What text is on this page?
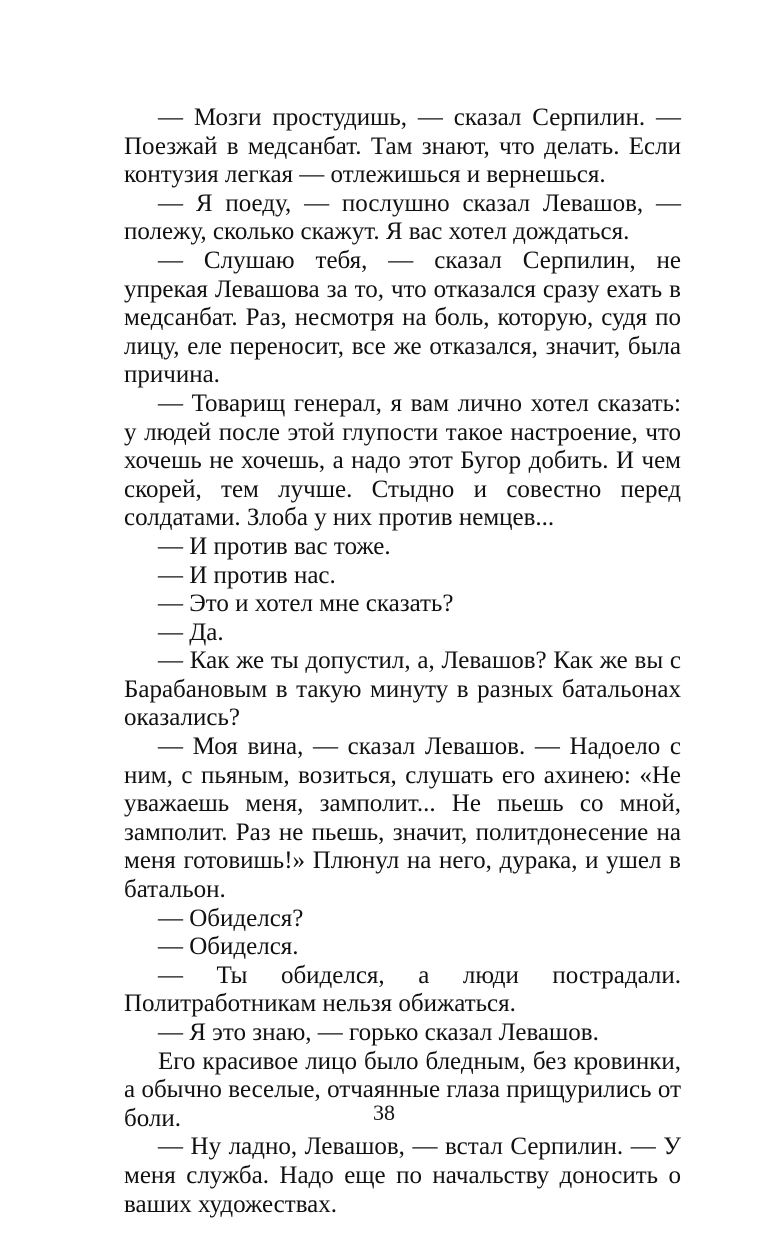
— Мозги простудишь, — сказал Серпилин. — Поезжай в медсанбат. Там знают, что делать. Если контузия легкая — отлежишься и вернешься.

— Я поеду, — послушно сказал Левашов, — полежу, сколько скажут. Я вас хотел дождаться.

— Слушаю тебя, — сказал Серпилин, не упрекая Левашова за то, что отказался сразу ехать в медсанбат. Раз, несмотря на боль, которую, судя по лицу, еле переносит, все же отказался, значит, была причина.

— Товарищ генерал, я вам лично хотел сказать: у людей после этой глупости такое настроение, что хочешь не хочешь, а надо этот Бугор добить. И чем скорей, тем лучше. Стыдно и совестно перед солдатами. Злоба у них против немцев...

— И против вас тоже.

— И против нас.

— Это и хотел мне сказать?

— Да.

— Как же ты допустил, а, Левашов? Как же вы с Барабановым в такую минуту в разных батальонах оказались?

— Моя вина, — сказал Левашов. — Надоело с ним, с пьяным, возиться, слушать его ахинею: «Не уважаешь меня, замполит... Не пьешь со мной, замполит. Раз не пьешь, значит, политдонесение на меня готовишь!» Плюнул на него, дурака, и ушел в батальон.

— Обиделся?

— Обиделся.

— Ты обиделся, а люди пострадали. Политработникам нельзя обижаться.

— Я это знаю, — горько сказал Левашов.

Его красивое лицо было бледным, без кровинки, а обычно веселые, отчаянные глаза прищурились от боли.

— Ну ладно, Левашов, — встал Серпилин. — У меня служба. Надо еще по начальству доносить о ваших художествах.

38
